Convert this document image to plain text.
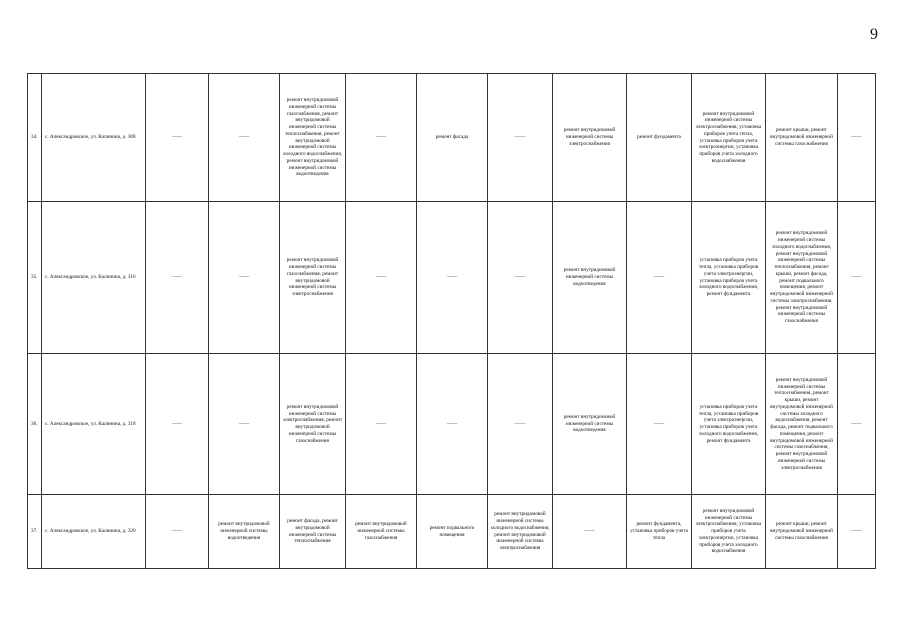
9
34.	с. Александровское, ул. Калинина, д. 308	——	——	ремонт внутридомовой инженерной системы газоснабжения, ремонт внутридомовой инженерной системы теплоснабжения, ремонт внутридомовой инженерной системы холодного водоснабжения, ремонт внутридомовой инженерной системы водоотведения	——	ремонт фасада	——	ремонт внутридомовой инженерной системы электроснабжения	ремонт фундамента	ремонт внутридомовой инженерной системы электроснабжения, установка приборов учета тепла, установка приборов учета электроэнергии, установка приборов учета холодного водоснабжения	ремонт крыши, ремонт внутридомовой инженерной системы газоснабжения	——
35.	с. Александровское, ул. Калинина, д. 316	——	——	ремонт внутридомовой инженерной системы газоснабжения, ремонт внутридомовой инженерной системы электроснабжения	——	——	——	ремонт внутридомовой инженерной системы водоотведения	——	установка приборов учета тепла, установка приборов учета электроэнергии, установка приборов учета холодного водоснабжения, ремонт фундамента	ремонт внутридомовой инженерной системы холодного водоснабжения, ремонт внутридомовой инженерной системы теплоснабжения, ремонт крыши, ремонт фасада, ремонт подвального помещения, ремонт внутридомовой инженерной системы электроснабжения, ремонт внутридомовой инженерной системы газоснабжения	——
36.	с. Александровское, ул. Калинина, д. 318	——	——	ремонт внутридомовой инженерной системы электроснабжения, ремонт внутридомовой инженерной системы газоснабжения	——	——	——	ремонт внутридомовой инженерной системы водоотведения	——	установка приборов учета тепла, установка приборов учета электроэнергии, установка приборов учета холодного водоснабжения, ремонт фундамента	ремонт внутридомовой инженерной системы теплоснабжения, ремонт крыши, ремонт внутридомовой инженерной системы холодного водоснабжения, ремонт фасада, ремонт подвального помещения, ремонт внутридомовой инженерной системы газоснабжения, ремонт внутридомовой инженерной системы электроснабжения	——
37.	с. Александровское, ул. Калинина, д. 320	——	ремонт внутридомовой инженерной системы водоотведения	ремонт фасада, ремонт внутридомовой инженерной системы теплоснабжения	ремонт внутридомовой инженерной системы газоснабжения	ремонт подвального помещения	ремонт внутридомовой инженерной системы холодного водоснабжения, ремонт внутридомовой инженерной системы электроснабжения	——	ремонт фундамента, установка приборов учета тепла	ремонт внутридомовой инженерной системы электроснабжения, установка приборов учета электроэнергии, установка приборов учета холодного водоснабжения	ремонт крыши, ремонт внутридомовой инженерной системы газоснабжения	——
